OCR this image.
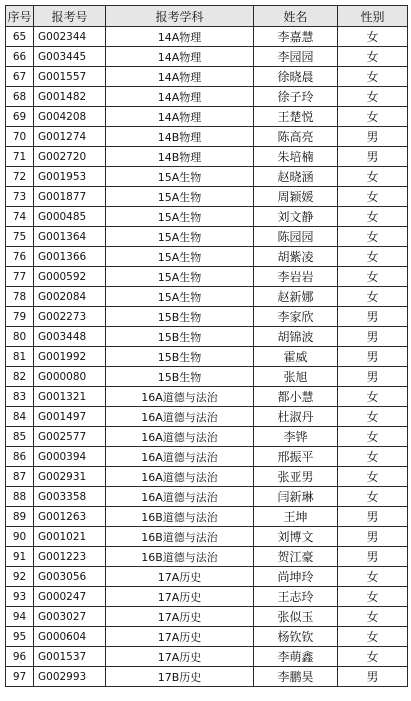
序号	报考号	报考学科	姓名	性别
65	G002344	14A物理	李嘉慧	女
66	G003445	14A物理	李园园	女
67	G001557	14A物理	徐晓晨	女
68	G001482	14A物理	徐子玲	女
69	G004208	14A物理	王楚悦	女
70	G001274	14B物理	陈高亮	男
71	G002720	14B物理	朱培楠	男
72	G001953	15A生物	赵晓涵	女
73	G001877	15A生物	周颖媛	女
74	G000485	15A生物	刘文静	女
75	G001364	15A生物	陈园园	女
76	G001366	15A生物	胡紫凌	女
77	G000592	15A生物	李岩岩	女
78	G002084	15A生物	赵新娜	女
79	G002273	15B生物	李家欣	男
80	G003448	15B生物	胡锦波	男
81	G001992	15B生物	霍威	男
82	G000080	15B生物	张旭	男
83	G001321	16A道德与法治	都小慧	女
84	G001497	16A道德与法治	杜淑丹	女
85	G002577	16A道德与法治	李铧	女
86	G000394	16A道德与法治	邢振平	女
87	G002931	16A道德与法治	张亚男	女
88	G003358	16A道德与法治	闫新琳	女
89	G001263	16B道德与法治	王坤	男
90	G001021	16B道德与法治	刘博文	男
91	G001223	16B道德与法治	贺江豪	男
92	G003056	17A历史	尚坤玲	女
93	G000247	17A历史	王志玲	女
94	G003027	17A历史	张似玉	女
95	G000604	17A历史	杨钦钦	女
96	G001537	17A历史	李萌鑫	女
97	G002993	17B历史	李鹏昊	男
